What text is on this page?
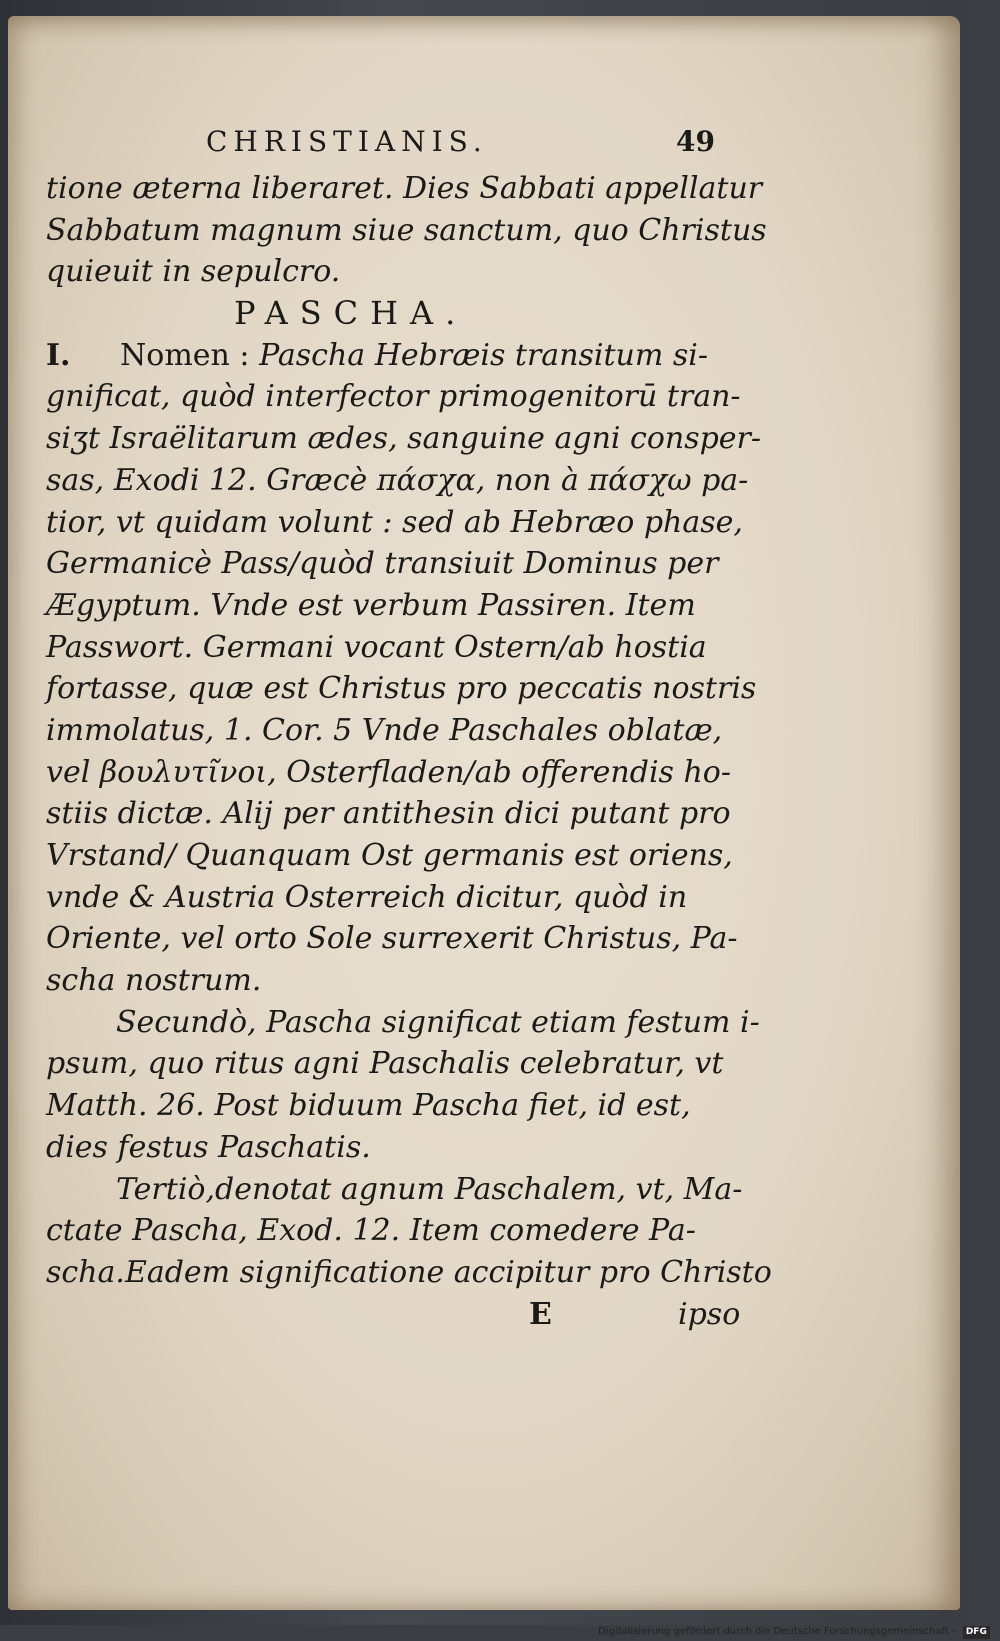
CHRISTIANIS.	49
tione æterna liberaret. Dies Sabbati appellatur
Sabbatum magnum siue sanctum, quo Christus
quieuit in sepulcro.
PASCHA.
I. Nomen : Pascha Hebræis transitum si-
gnificat, quòd interfector primogenitorū tran-
siʒt Israëlitarum ædes, sanguine agni consper-
sas, Exodi 12. Græcè πάσχα, non à πάσχω pa-
tior, vt quidam volunt : sed ab Hebræo phase,
Germanicè Pass/quòd transiuit Dominus per
Ægyptum. Vnde est verbum Passiren. Item
Passwort. Germani vocant Ostern/ab hostia
fortasse, quæ est Christus pro peccatis nostris
immolatus, 1. Cor. 5 Vnde Paschales oblatæ,
vel βουλυτῖνοι, Osterfladen/ab offerendis ho-
stiis dictæ. Alij per antithesin dici putant pro
Vrstand/ Quanquam Ost germanis est oriens,
vnde & Austria Osterreich dicitur, quòd in
Oriente, vel orto Sole surrexerit Christus, Pa-
scha nostrum.
Secundò, Pascha significat etiam festum i-
psum, quo ritus agni Paschalis celebratur, vt
Matth. 26. Post biduum Pascha fiet, id est,
dies festus Paschatis.
Tertiò,denotat agnum Paschalem, vt, Ma-
ctate Pascha, Exod. 12. Item comedere Pa-
scha.Eadem significatione accipitur pro Christo
E	ipso
Digitalisierung gefördert durch die Deutsche Forschungsgemeinschaft - DFG
